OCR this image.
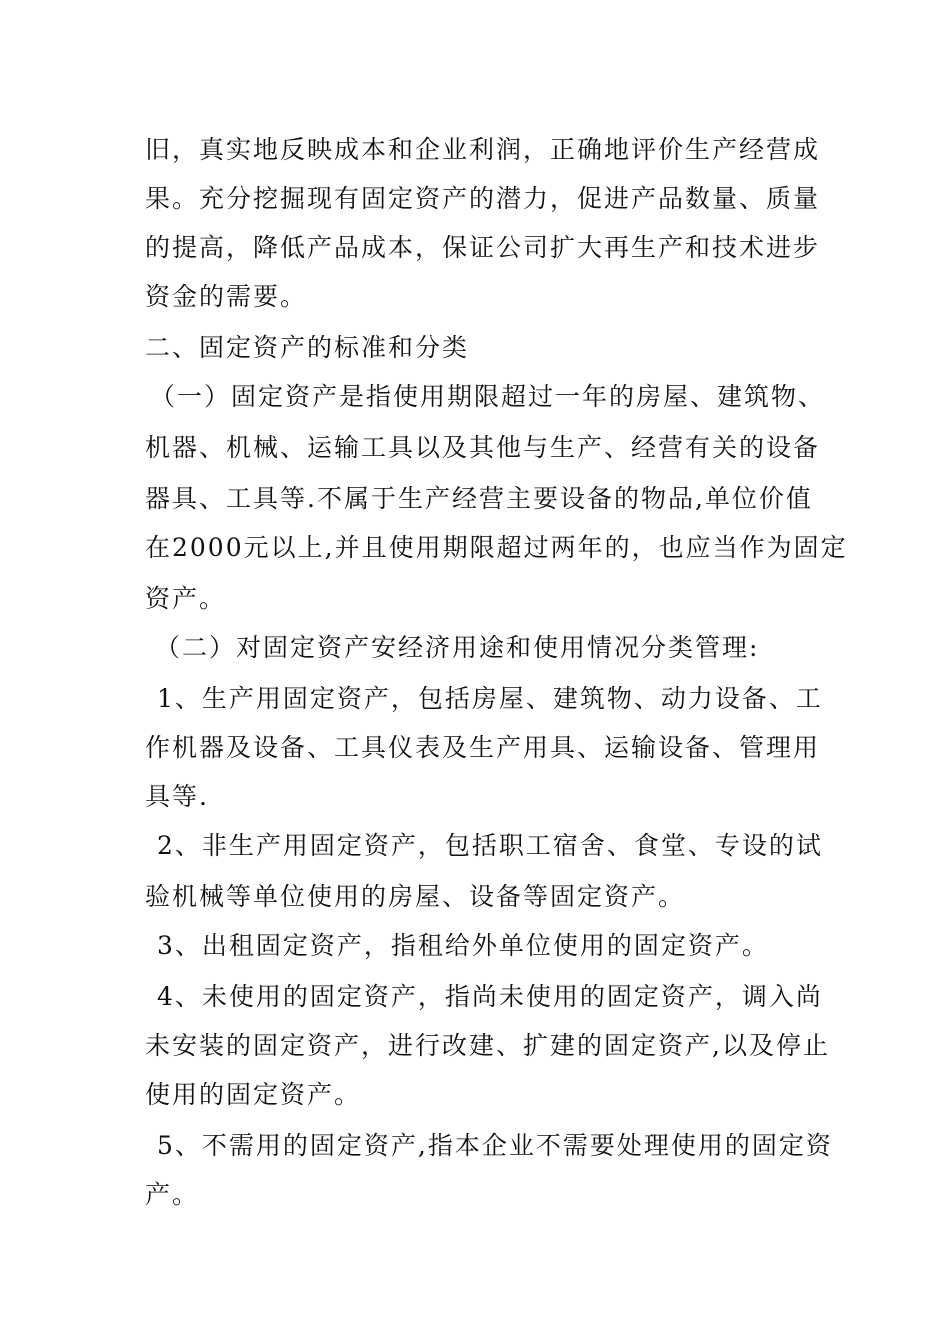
旧，真实地反映成本和企业利润，正确地评价生产经营成
果。充分挖掘现有固定资产的潜力，促进产品数量、质量
的提高，降低产品成本，保证公司扩大再生产和技术进步
资金的需要。
二、固定资产的标准和分类
（一）固定资产是指使用期限超过一年的房屋、建筑物、
机器、机械、运输工具以及其他与生产、经营有关的设备
器具、工具等.不属于生产经营主要设备的物品,单位价值
在2000元以上,并且使用期限超过两年的，也应当作为固定
资产。
（二）对固定资产安经济用途和使用情况分类管理:
1、生产用固定资产，包括房屋、建筑物、动力设备、工
作机器及设备、工具仪表及生产用具、运输设备、管理用
具等.
2、非生产用固定资产，包括职工宿舍、食堂、专设的试
验机械等单位使用的房屋、设备等固定资产。
3、出租固定资产，指租给外单位使用的固定资产。
4、未使用的固定资产，指尚未使用的固定资产，调入尚
未安装的固定资产，进行改建、扩建的固定资产,以及停止
使用的固定资产。
5、不需用的固定资产,指本企业不需要处理使用的固定资
产。
